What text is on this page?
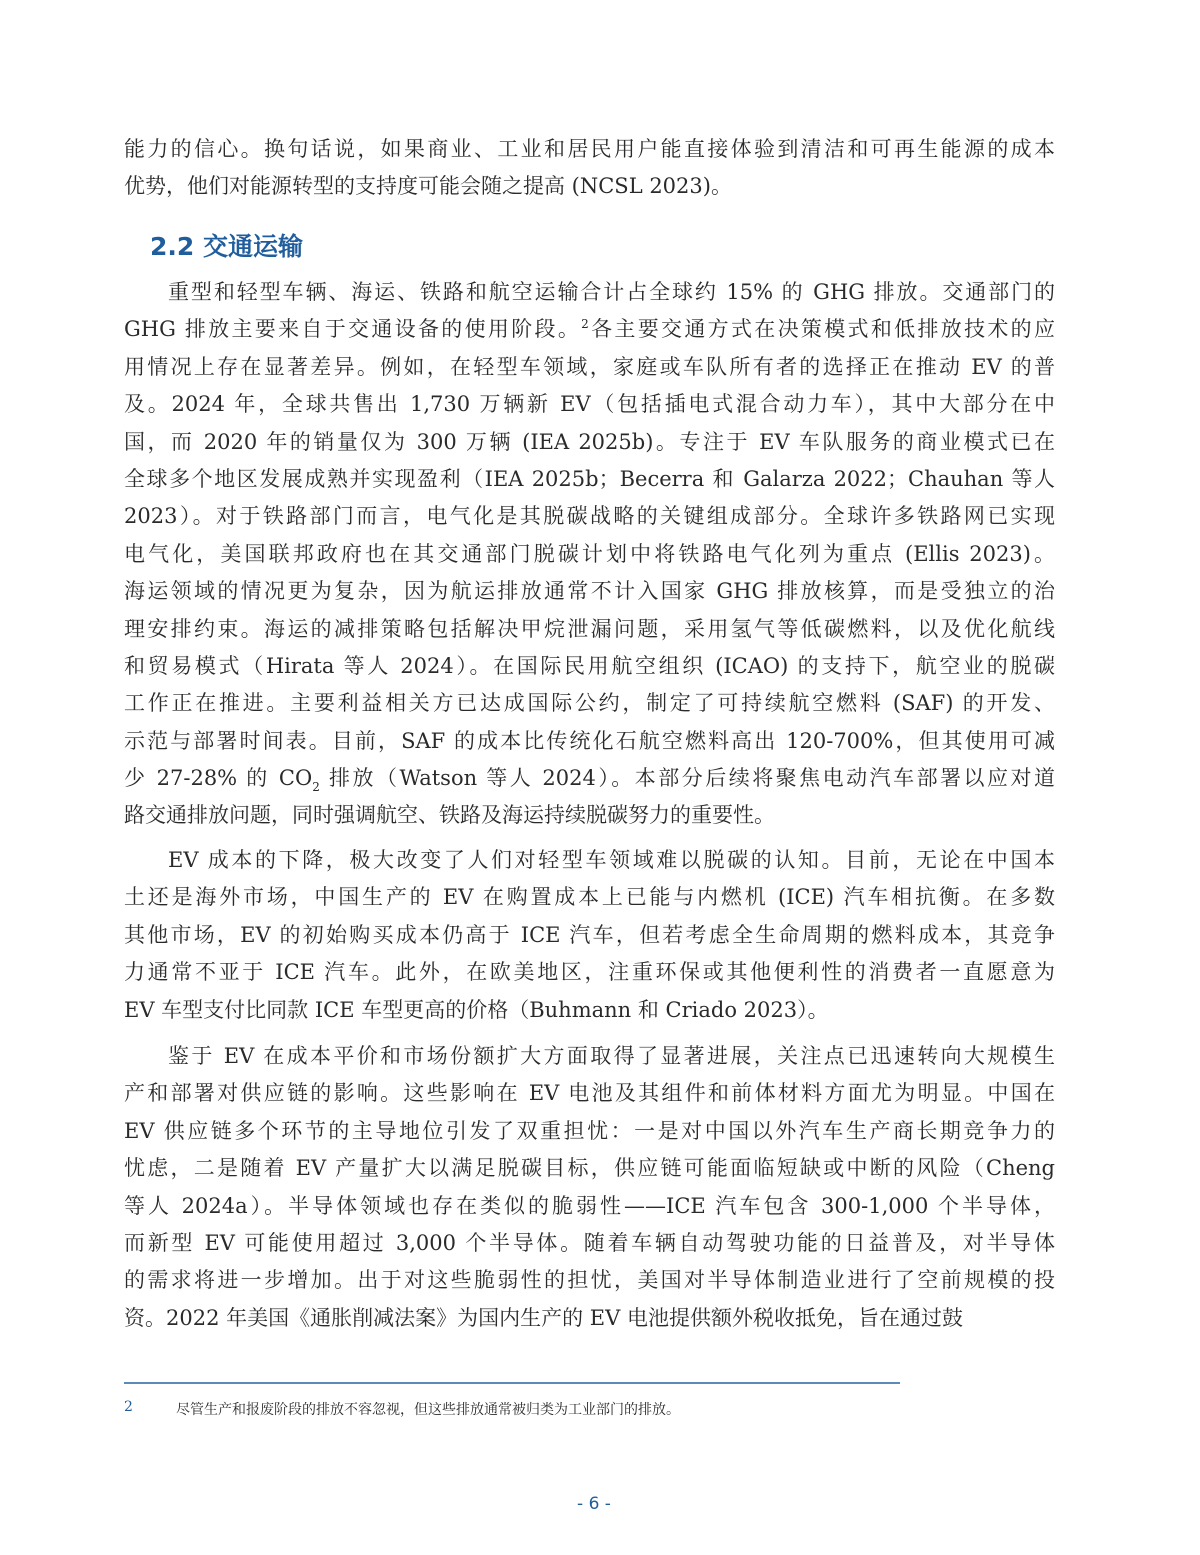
能力的信心。换句话说，如果商业、工业和居民用户能直接体验到清洁和可再生能源的成本
优势，他们对能源转型的支持度可能会随之提高 (NCSL 2023)。
2.2 交通运输
重型和轻型车辆、海运、铁路和航空运输合计占全球约 15% 的 GHG 排放。交通部门的
GHG 排放主要来自于交通设备的使用阶段。$^2$各主要交通方式在决策模式和低排放技术的应
用情况上存在显著差异。例如，在轻型车领域，家庭或车队所有者的选择正在推动 EV 的普
及。2024 年，全球共售出 1,730 万辆新 EV（包括插电式混合动力车），其中大部分在中
国，而 2020 年的销量仅为 300 万辆 (IEA 2025b)。专注于 EV 车队服务的商业模式已在
全球多个地区发展成熟并实现盈利（IEA 2025b；Becerra 和 Galarza 2022；Chauhan 等人
2023）。对于铁路部门而言，电气化是其脱碳战略的关键组成部分。全球许多铁路网已实现
电气化，美国联邦政府也在其交通部门脱碳计划中将铁路电气化列为重点 (Ellis 2023)。
海运领域的情况更为复杂，因为航运排放通常不计入国家 GHG 排放核算，而是受独立的治
理安排约束。海运的减排策略包括解决甲烷泄漏问题，采用氢气等低碳燃料，以及优化航线
和贸易模式（Hirata 等人 2024）。在国际民用航空组织 (ICAO) 的支持下，航空业的脱碳
工作正在推进。主要利益相关方已达成国际公约，制定了可持续航空燃料 (SAF) 的开发、
示范与部署时间表。目前，SAF 的成本比传统化石航空燃料高出 120-700%，但其使用可减
少 27-28% 的 $CO_2$ 排放（Watson 等人 2024）。本部分后续将聚焦电动汽车部署以应对道
路交通排放问题，同时强调航空、铁路及海运持续脱碳努力的重要性。
EV 成本的下降，极大改变了人们对轻型车领域难以脱碳的认知。目前，无论在中国本
土还是海外市场，中国生产的 EV 在购置成本上已能与内燃机 (ICE) 汽车相抗衡。在多数
其他市场，EV 的初始购买成本仍高于 ICE 汽车，但若考虑全生命周期的燃料成本，其竞争
力通常不亚于 ICE 汽车。此外，在欧美地区，注重环保或其他便利性的消费者一直愿意为
EV 车型支付比同款 ICE 车型更高的价格（Buhmann 和 Criado 2023）。
鉴于 EV 在成本平价和市场份额扩大方面取得了显著进展，关注点已迅速转向大规模生
产和部署对供应链的影响。这些影响在 EV 电池及其组件和前体材料方面尤为明显。中国在
EV 供应链多个环节的主导地位引发了双重担忧：一是对中国以外汽车生产商长期竞争力的
忧虑，二是随着 EV 产量扩大以满足脱碳目标，供应链可能面临短缺或中断的风险（Cheng
等人 2024a）。半导体领域也存在类似的脆弱性——ICE 汽车包含 300-1,000 个半导体，
而新型 EV 可能使用超过 3,000 个半导体。随着车辆自动驾驶功能的日益普及，对半导体
的需求将进一步增加。出于对这些脆弱性的担忧，美国对半导体制造业进行了空前规模的投
资。2022 年美国《通胀削减法案》为国内生产的 EV 电池提供额外税收抵免，旨在通过鼓
2	尽管生产和报废阶段的排放不容忽视，但这些排放通常被归类为工业部门的排放。
- 6 -
